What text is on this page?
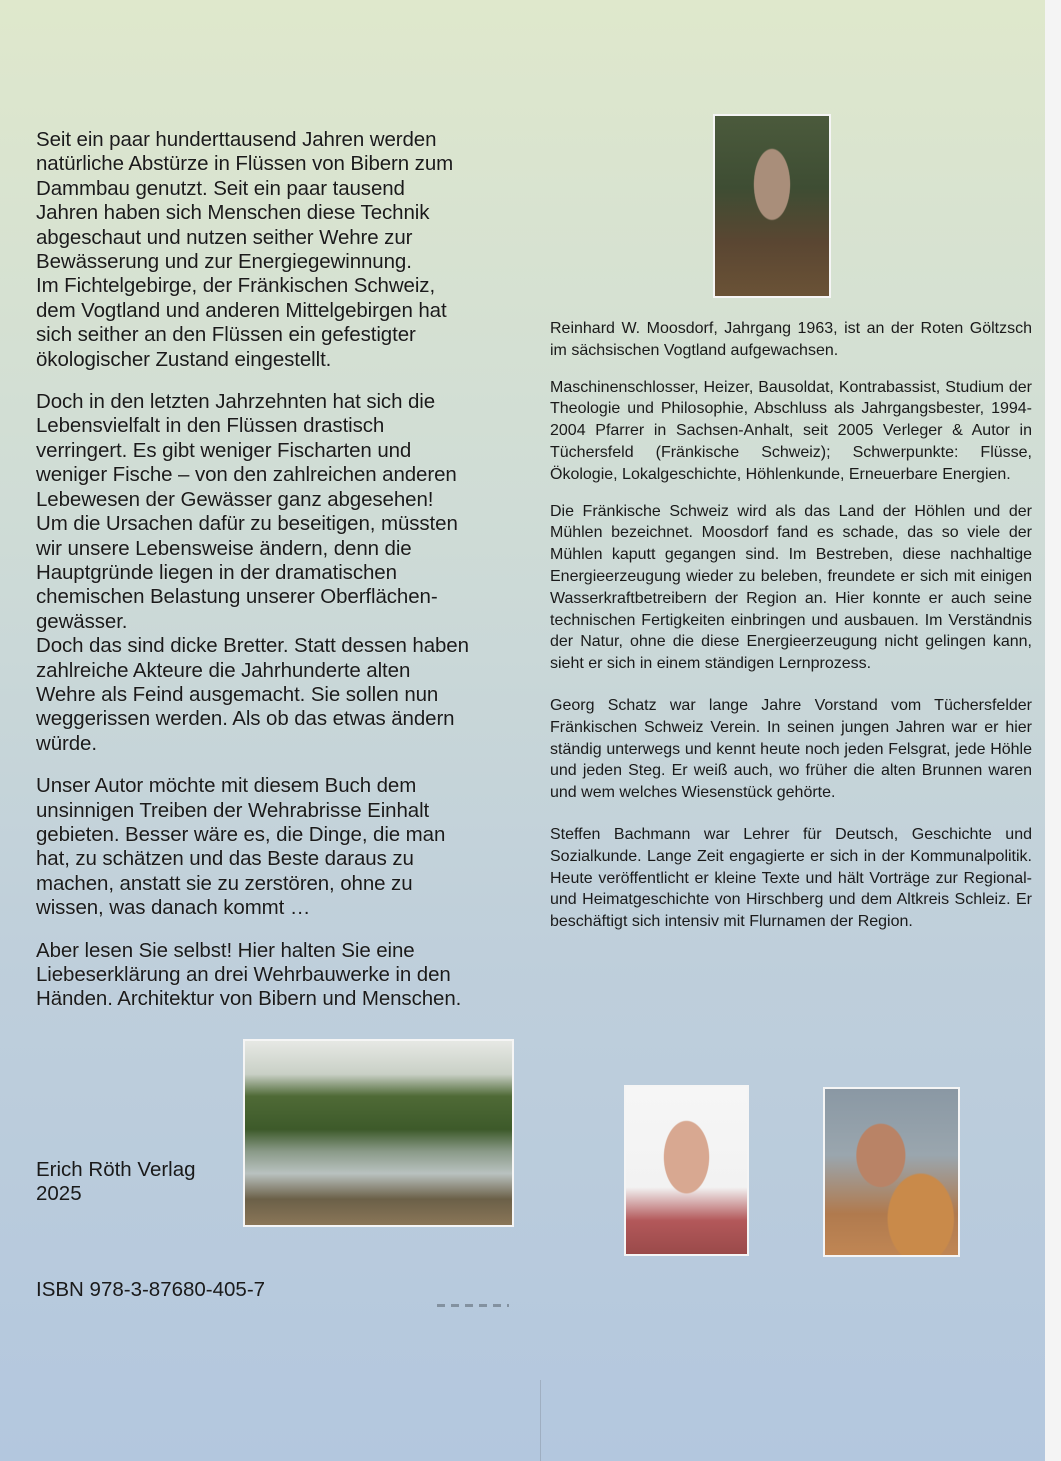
Seit ein paar hunderttausend Jahren werden
natürliche Abstürze in Flüssen von Bibern zum
Dammbau genutzt. Seit ein paar tausend
Jahren haben sich Menschen diese Technik
abgeschaut und nutzen seither Wehre zur
Bewässerung und zur Energiegewinnung.
Im Fichtelgebirge, der Fränkischen Schweiz,
dem Vogtland und anderen Mittelgebirgen hat
sich seither an den Flüssen ein gefestigter
ökologischer Zustand eingestellt.

Doch in den letzten Jahrzehnten hat sich die
Lebensvielfalt in den Flüssen drastisch
verringert. Es gibt weniger Fischarten und
weniger Fische – von den zahlreichen anderen
Lebewesen der Gewässer ganz abgesehen!
Um die Ursachen dafür zu beseitigen, müssten
wir unsere Lebensweise ändern, denn die
Hauptgründe liegen in der dramatischen
chemischen Belastung unserer Oberflächen-
gewässer.
Doch das sind dicke Bretter. Statt dessen haben
zahlreiche Akteure die Jahrhunderte alten
Wehre als Feind ausgemacht. Sie sollen nun
weggerissen werden. Als ob das etwas ändern
würde.

Unser Autor möchte mit diesem Buch dem
unsinnigen Treiben der Wehrabrisse Einhalt
gebieten. Besser wäre es, die Dinge, die man
hat, zu schätzen und das Beste daraus zu
machen, anstatt sie zu zerstören, ohne zu
wissen, was danach kommt …

Aber lesen Sie selbst! Hier halten Sie eine
Liebeserklärung an drei Wehrbauwerke in den
Händen. Architektur von Bibern und Menschen.

Reinhard W. Moosdorf, Jahrgang 1963, ist an der Roten Göltzsch im sächsischen Vogtland aufgewachsen.

Maschinenschlosser, Heizer, Bausoldat, Kontrabassist, Studium der Theologie und Philosophie, Abschluss als Jahrgangsbester, 1994-2004 Pfarrer in Sachsen-Anhalt, seit 2005 Verleger & Autor in Tüchersfeld (Fränkische Schweiz); Schwerpunkte: Flüsse, Ökologie, Lokalgeschichte, Höhlenkunde, Erneuerbare Energien.

Die Fränkische Schweiz wird als das Land der Höhlen und der Mühlen bezeichnet. Moosdorf fand es schade, das so viele der Mühlen kaputt gegangen sind. Im Bestreben, diese nachhaltige Energieerzeugung wieder zu beleben, freundete er sich mit einigen Wasserkraftbetreibern der Region an. Hier konnte er auch seine technischen Fertigkeiten einbringen und ausbauen. Im Verständnis der Natur, ohne die diese Energieerzeugung nicht gelingen kann, sieht er sich in einem ständigen Lernprozess.

Georg Schatz war lange Jahre Vorstand vom Tüchersfelder Fränkischen Schweiz Verein. In seinen jungen Jahren war er hier ständig unterwegs und kennt heute noch jeden Felsgrat, jede Höhle und jeden Steg. Er weiß auch, wo früher die alten Brunnen waren und wem welches Wiesenstück gehörte.

Steffen Bachmann war Lehrer für Deutsch, Geschichte und Sozialkunde. Lange Zeit engagierte er sich in der Kommunalpolitik. Heute veröffentlicht er kleine Texte und hält Vorträge zur Regional- und Heimatgeschichte von Hirschberg und dem Altkreis Schleiz. Er beschäftigt sich intensiv mit Flurnamen der Region.

Erich Röth Verlag
2025
ISBN 978-3-87680-405-7
